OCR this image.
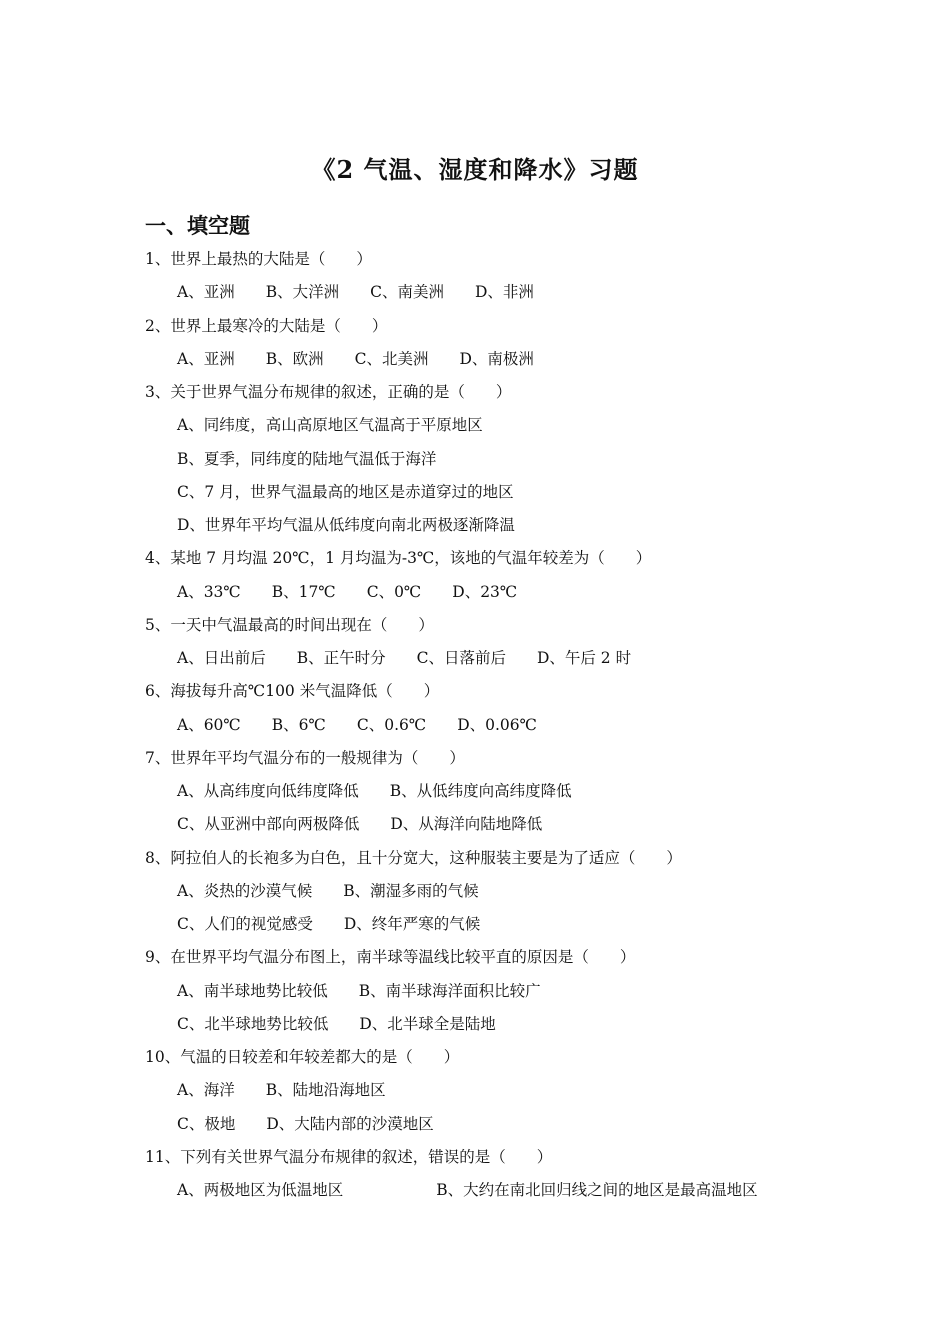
《2 气温、湿度和降水》习题
一、填空题
1、世界上最热的大陆是（　　）
A、亚洲　　B、大洋洲　　C、南美洲　　D、非洲
2、世界上最寒冷的大陆是（　　）
A、亚洲　　B、欧洲　　C、北美洲　　D、南极洲
3、关于世界气温分布规律的叙述，正确的是（　　）
A、同纬度，高山高原地区气温高于平原地区
B、夏季，同纬度的陆地气温低于海洋
C、7 月，世界气温最高的地区是赤道穿过的地区
D、世界年平均气温从低纬度向南北两极逐渐降温
4、某地 7 月均温 20℃，1 月均温为-3℃，该地的气温年较差为（　　）
A、33℃　　B、17℃　　C、0℃　　D、23℃
5、一天中气温最高的时间出现在（　　）
A、日出前后　　B、正午时分　　C、日落前后　　D、午后 2 时
6、海拔每升高℃100 米气温降低（　　）
A、60℃　　B、6℃　　C、0.6℃　　D、0.06℃
7、世界年平均气温分布的一般规律为（　　）
A、从高纬度向低纬度降低　　B、从低纬度向高纬度降低
C、从亚洲中部向两极降低　　D、从海洋向陆地降低
8、阿拉伯人的长袍多为白色，且十分宽大，这种服装主要是为了适应（　　）
A、炎热的沙漠气候　　B、潮湿多雨的气候
C、人们的视觉感受　　D、终年严寒的气候
9、在世界平均气温分布图上，南半球等温线比较平直的原因是（　　）
A、南半球地势比较低　　B、南半球海洋面积比较广
C、北半球地势比较低　　D、北半球全是陆地
10、气温的日较差和年较差都大的是（　　）
A、海洋　　B、陆地沿海地区
C、极地　　D、大陆内部的沙漠地区
11、下列有关世界气温分布规律的叙述，错误的是（　　）
A、两极地区为低温地区　　　　　　B、大约在南北回归线之间的地区是最高温地区
